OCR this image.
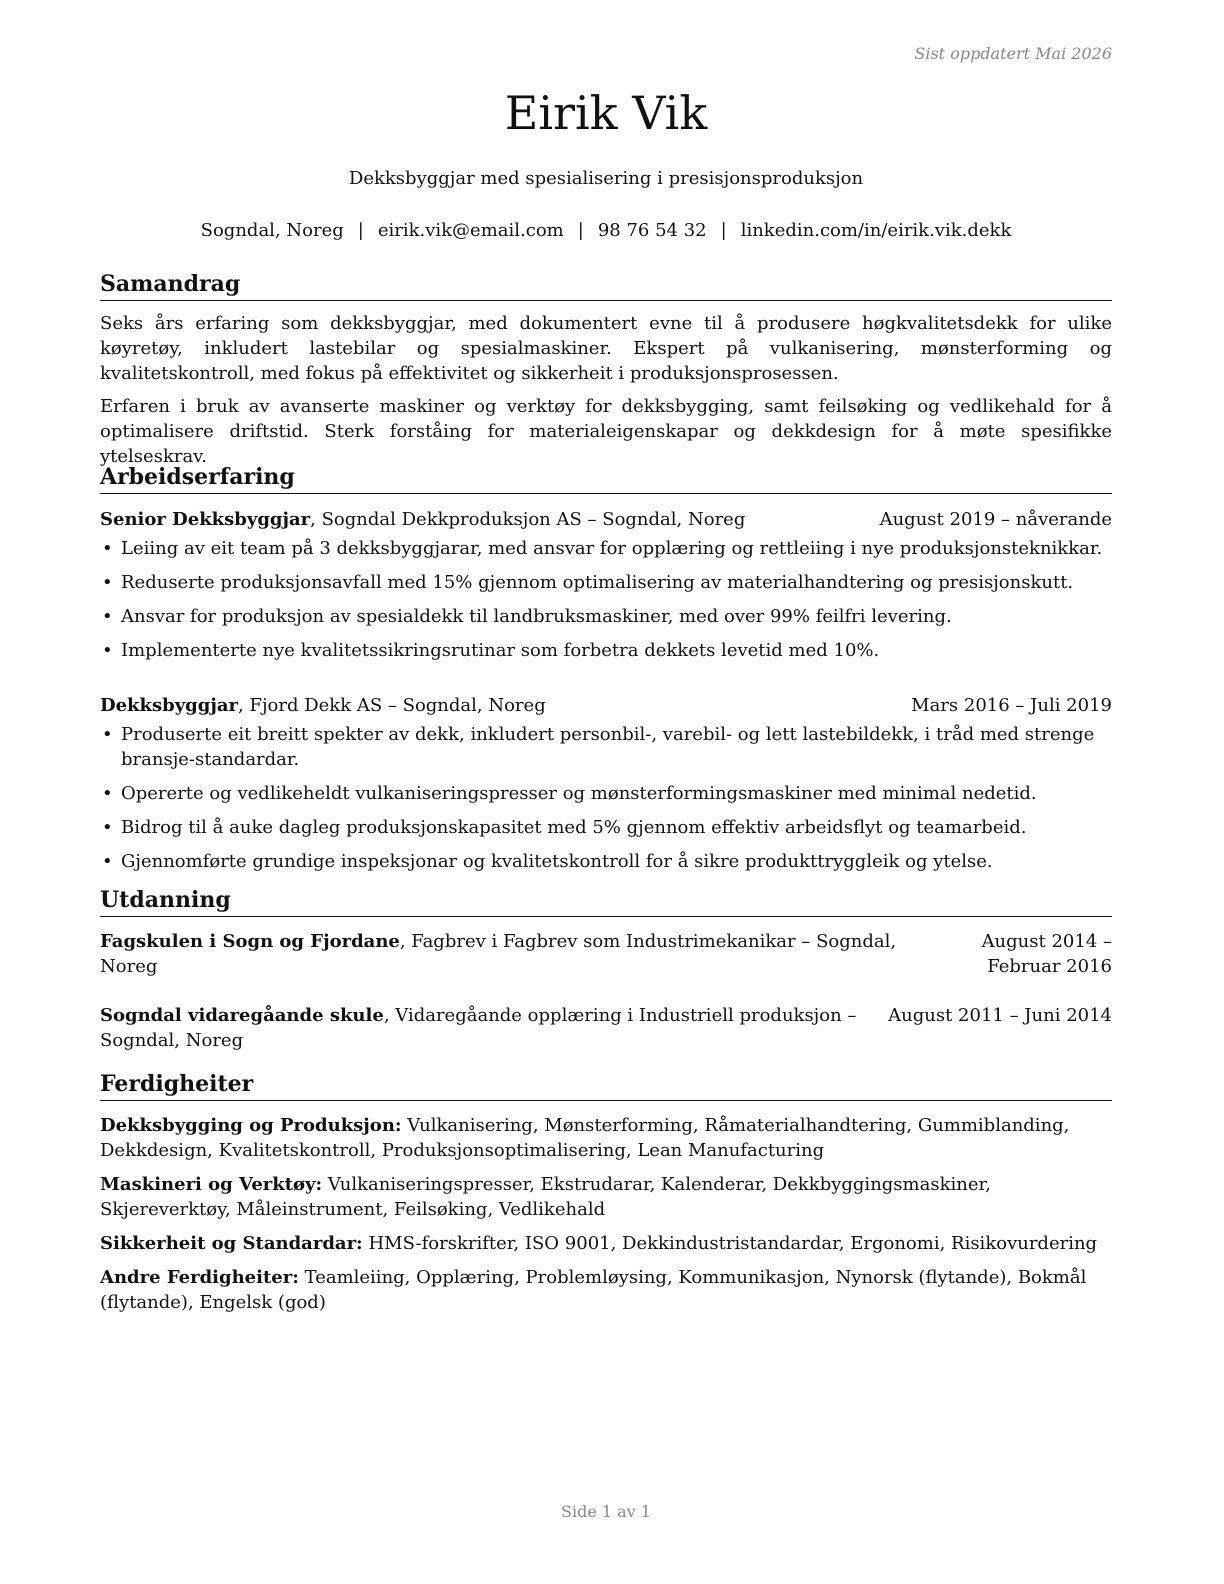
Sist oppdatert Mai 2026
Eirik Vik
Dekksbyggjar med spesialisering i presisjonsproduksjon
Sogndal, Noreg | eirik.vik@email.com | 98 76 54 32 | linkedin.com/in/eirik.vik.dekk
Samandrag

Seks års erfaring som dekksbyggjar, med dokumentert evne til å produsere høgkvalitetsdekk for ulike køyretøy, inkludert lastebilar og spesialmaskiner. Ekspert på vulkanisering, mønsterforming og kvalitetskontroll, med fokus på effektivitet og sikkerheit i produksjonsprosessen.

Erfaren i bruk av avanserte maskiner og verktøy for dekksbygging, samt feilsøking og vedlikehald for å optimalisere driftstid. Sterk forståing for materialeigenskapar og dekkdesign for å møte spesifikke ytelseskrav.

Arbeidserfaring
Senior Dekksbyggjar, Sogndal Dekkproduksjon AS – Sogndal, Noreg	August 2019 – nåverande
• Leiing av eit team på 3 dekksbyggjarar, med ansvar for opplæring og rettleiing i nye produksjonsteknikkar.
• Reduserte produksjonsavfall med 15% gjennom optimalisering av materialhandtering og presisjonskutt.
• Ansvar for produksjon av spesialdekk til landbruksmaskiner, med over 99% feilfri levering.
• Implementerte nye kvalitetssikringsrutinar som forbetra dekkets levetid med 10%.
Dekksbyggjar, Fjord Dekk AS – Sogndal, Noreg	Mars 2016 – Juli 2019
• Produserte eit breitt spekter av dekk, inkludert personbil-, varebil- og lett lastebildekk, i tråd med strenge bransje-standardar.
• Opererte og vedlikeheldt vulkaniseringspresser og mønsterformingsmaskiner med minimal nedetid.
• Bidrog til å auke dagleg produksjonskapasitet med 5% gjennom effektiv arbeidsflyt og teamarbeid.
• Gjennomførte grundige inspeksjonar og kvalitetskontroll for å sikre produkttryggleik og ytelse.
Utdanning
Fagskulen i Sogn og Fjordane, Fagbrev i Fagbrev som Industrimekanikar – Sogndal, Noreg
August 2014 – Februar 2016
Sogndal vidaregåande skule, Vidaregåande opplæring i Industriell produksjon – Sogndal, Noreg
August 2011 – Juni 2014
Ferdigheiter
Dekksbygging og Produksjon: Vulkanisering, Mønsterforming, Råmaterialhandtering, Gummiblanding, Dekkdesign, Kvalitetskontroll, Produksjonsoptimalisering, Lean Manufacturing
Maskineri og Verktøy: Vulkaniseringspresser, Ekstrudarar, Kalenderar, Dekkbyggingsmaskiner, Skjereverktøy, Måleinstrument, Feilsøking, Vedlikehald
Sikkerheit og Standardar: HMS-forskrifter, ISO 9001, Dekkindustristandardar, Ergonomi, Risikovurdering
Andre Ferdigheiter: Teamleiing, Opplæring, Problemløysing, Kommunikasjon, Nynorsk (flytande), Bokmål (flytande), Engelsk (god)
Side 1 av 1
